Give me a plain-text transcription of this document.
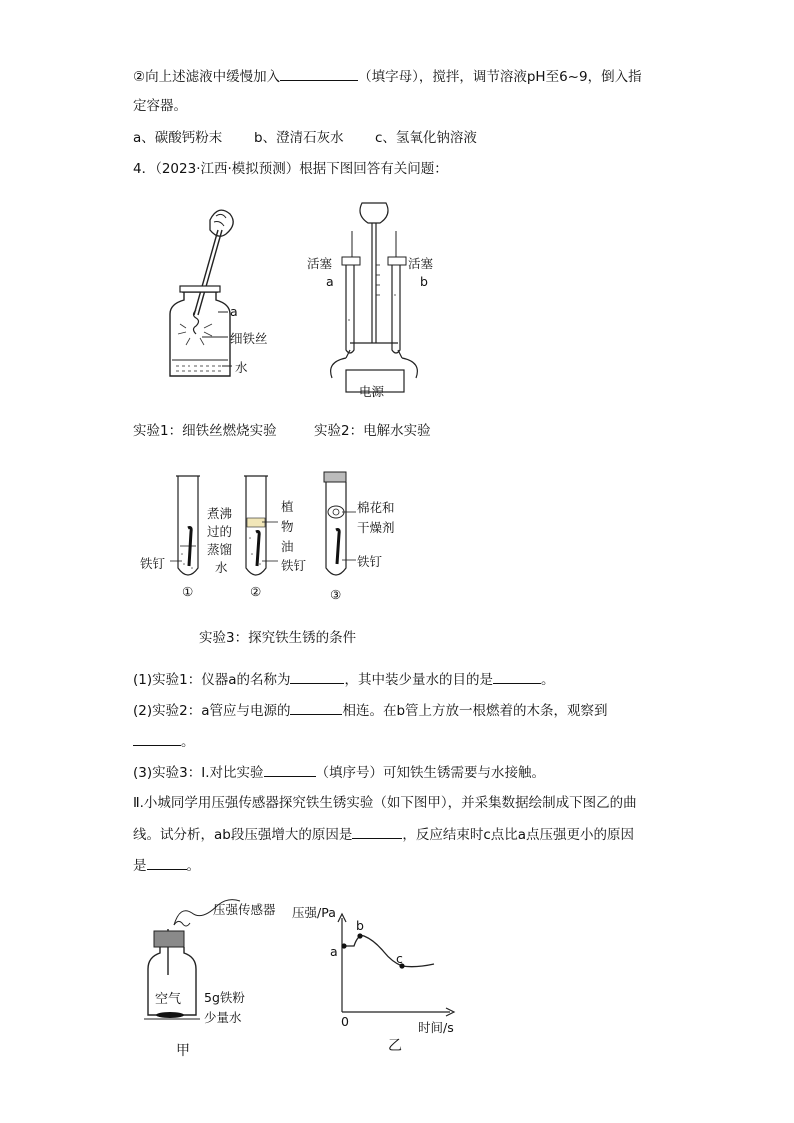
②向上述滤液中缓慢加入	（填字母），搅拌，调节溶液pH至6~9，倒入指
定容器。
a、碳酸钙粉末 b、澄清石灰水 c、氢氧化钠溶液
4．（2023·江西·模拟预测）根据下图回答有关问题：
a
细铁丝
水
活塞	活塞
a	b
电源
实验1：细铁丝燃烧实验	实验2：电解水实验
铁钉
煮沸
过的
蒸馏
水
植
物
油
铁钉
棉花和
干燥剂
铁钉
①	②	③
实验3：探究铁生锈的条件
(1)实验1：仪器a的名称为	，其中装少量水的目的是	。
(2)实验2：a管应与电源的	相连。在b管上方放一根燃着的木条，观察到
。
(3)实验3：Ⅰ.对比实验	（填序号）可知铁生锈需要与水接触。
Ⅱ.小城同学用压强传感器探究铁生锈实验（如下图甲），并采集数据绘制成下图乙的曲
线。试分析，ab段压强增大的原因是	，反应结束时c点比a点压强更小的原因
是	。
压强传感器
空气 5g铁粉
少量水
甲
压强/Pa
a
b
c
0	时间/s
乙
